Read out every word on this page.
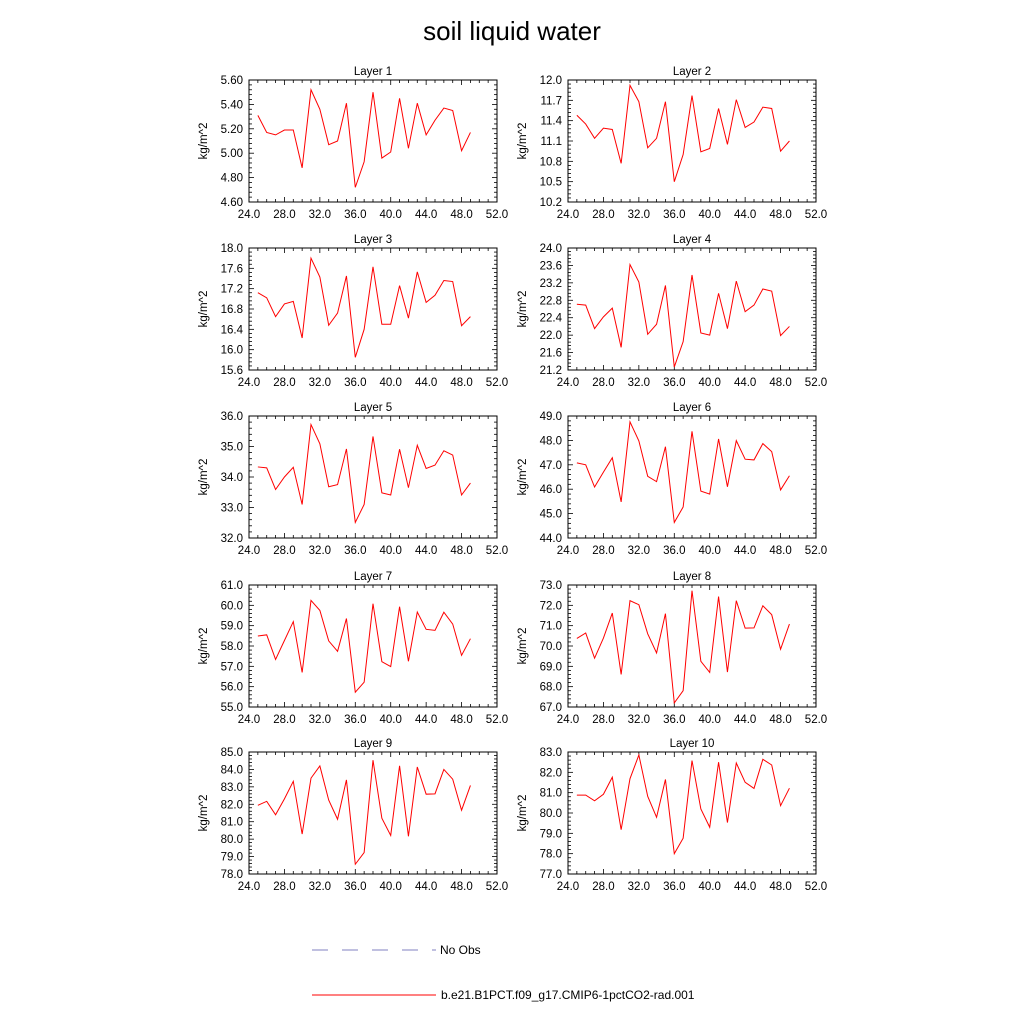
soil liquid water
Layer 1
kg/m^2
24.0 28.0 32.0 36.0 40.0 44.0 48.0 52.0
4.60
4.80
5.00
5.20
5.40
5.60
Layer 2
kg/m^2
24.0 28.0 32.0 36.0 40.0 44.0 48.0 52.0
10.2
10.5
10.8
11.1
11.4
11.7
12.0
Layer 3
kg/m^2
24.0 28.0 32.0 36.0 40.0 44.0 48.0 52.0
15.6
16.0
16.4
16.8
17.2
17.6
18.0
Layer 4
kg/m^2
24.0 28.0 32.0 36.0 40.0 44.0 48.0 52.0
21.2
21.6
22.0
22.4
22.8
23.2
23.6
24.0
Layer 5
kg/m^2
24.0 28.0 32.0 36.0 40.0 44.0 48.0 52.0
32.0
33.0
34.0
35.0
36.0
Layer 6
kg/m^2
24.0 28.0 32.0 36.0 40.0 44.0 48.0 52.0
44.0
45.0
46.0
47.0
48.0
49.0
Layer 7
kg/m^2
24.0 28.0 32.0 36.0 40.0 44.0 48.0 52.0
55.0
56.0
57.0
58.0
59.0
60.0
61.0
Layer 8
kg/m^2
24.0 28.0 32.0 36.0 40.0 44.0 48.0 52.0
67.0
68.0
69.0
70.0
71.0
72.0
73.0
Layer 9
kg/m^2
24.0 28.0 32.0 36.0 40.0 44.0 48.0 52.0
78.0
79.0
80.0
81.0
82.0
83.0
84.0
85.0
Layer 10
kg/m^2
24.0 28.0 32.0 36.0 40.0 44.0 48.0 52.0
77.0
78.0
79.0
80.0
81.0
82.0
83.0
No Obs
b.e21.B1PCT.f09_g17.CMIP6-1pctCO2-rad.001
